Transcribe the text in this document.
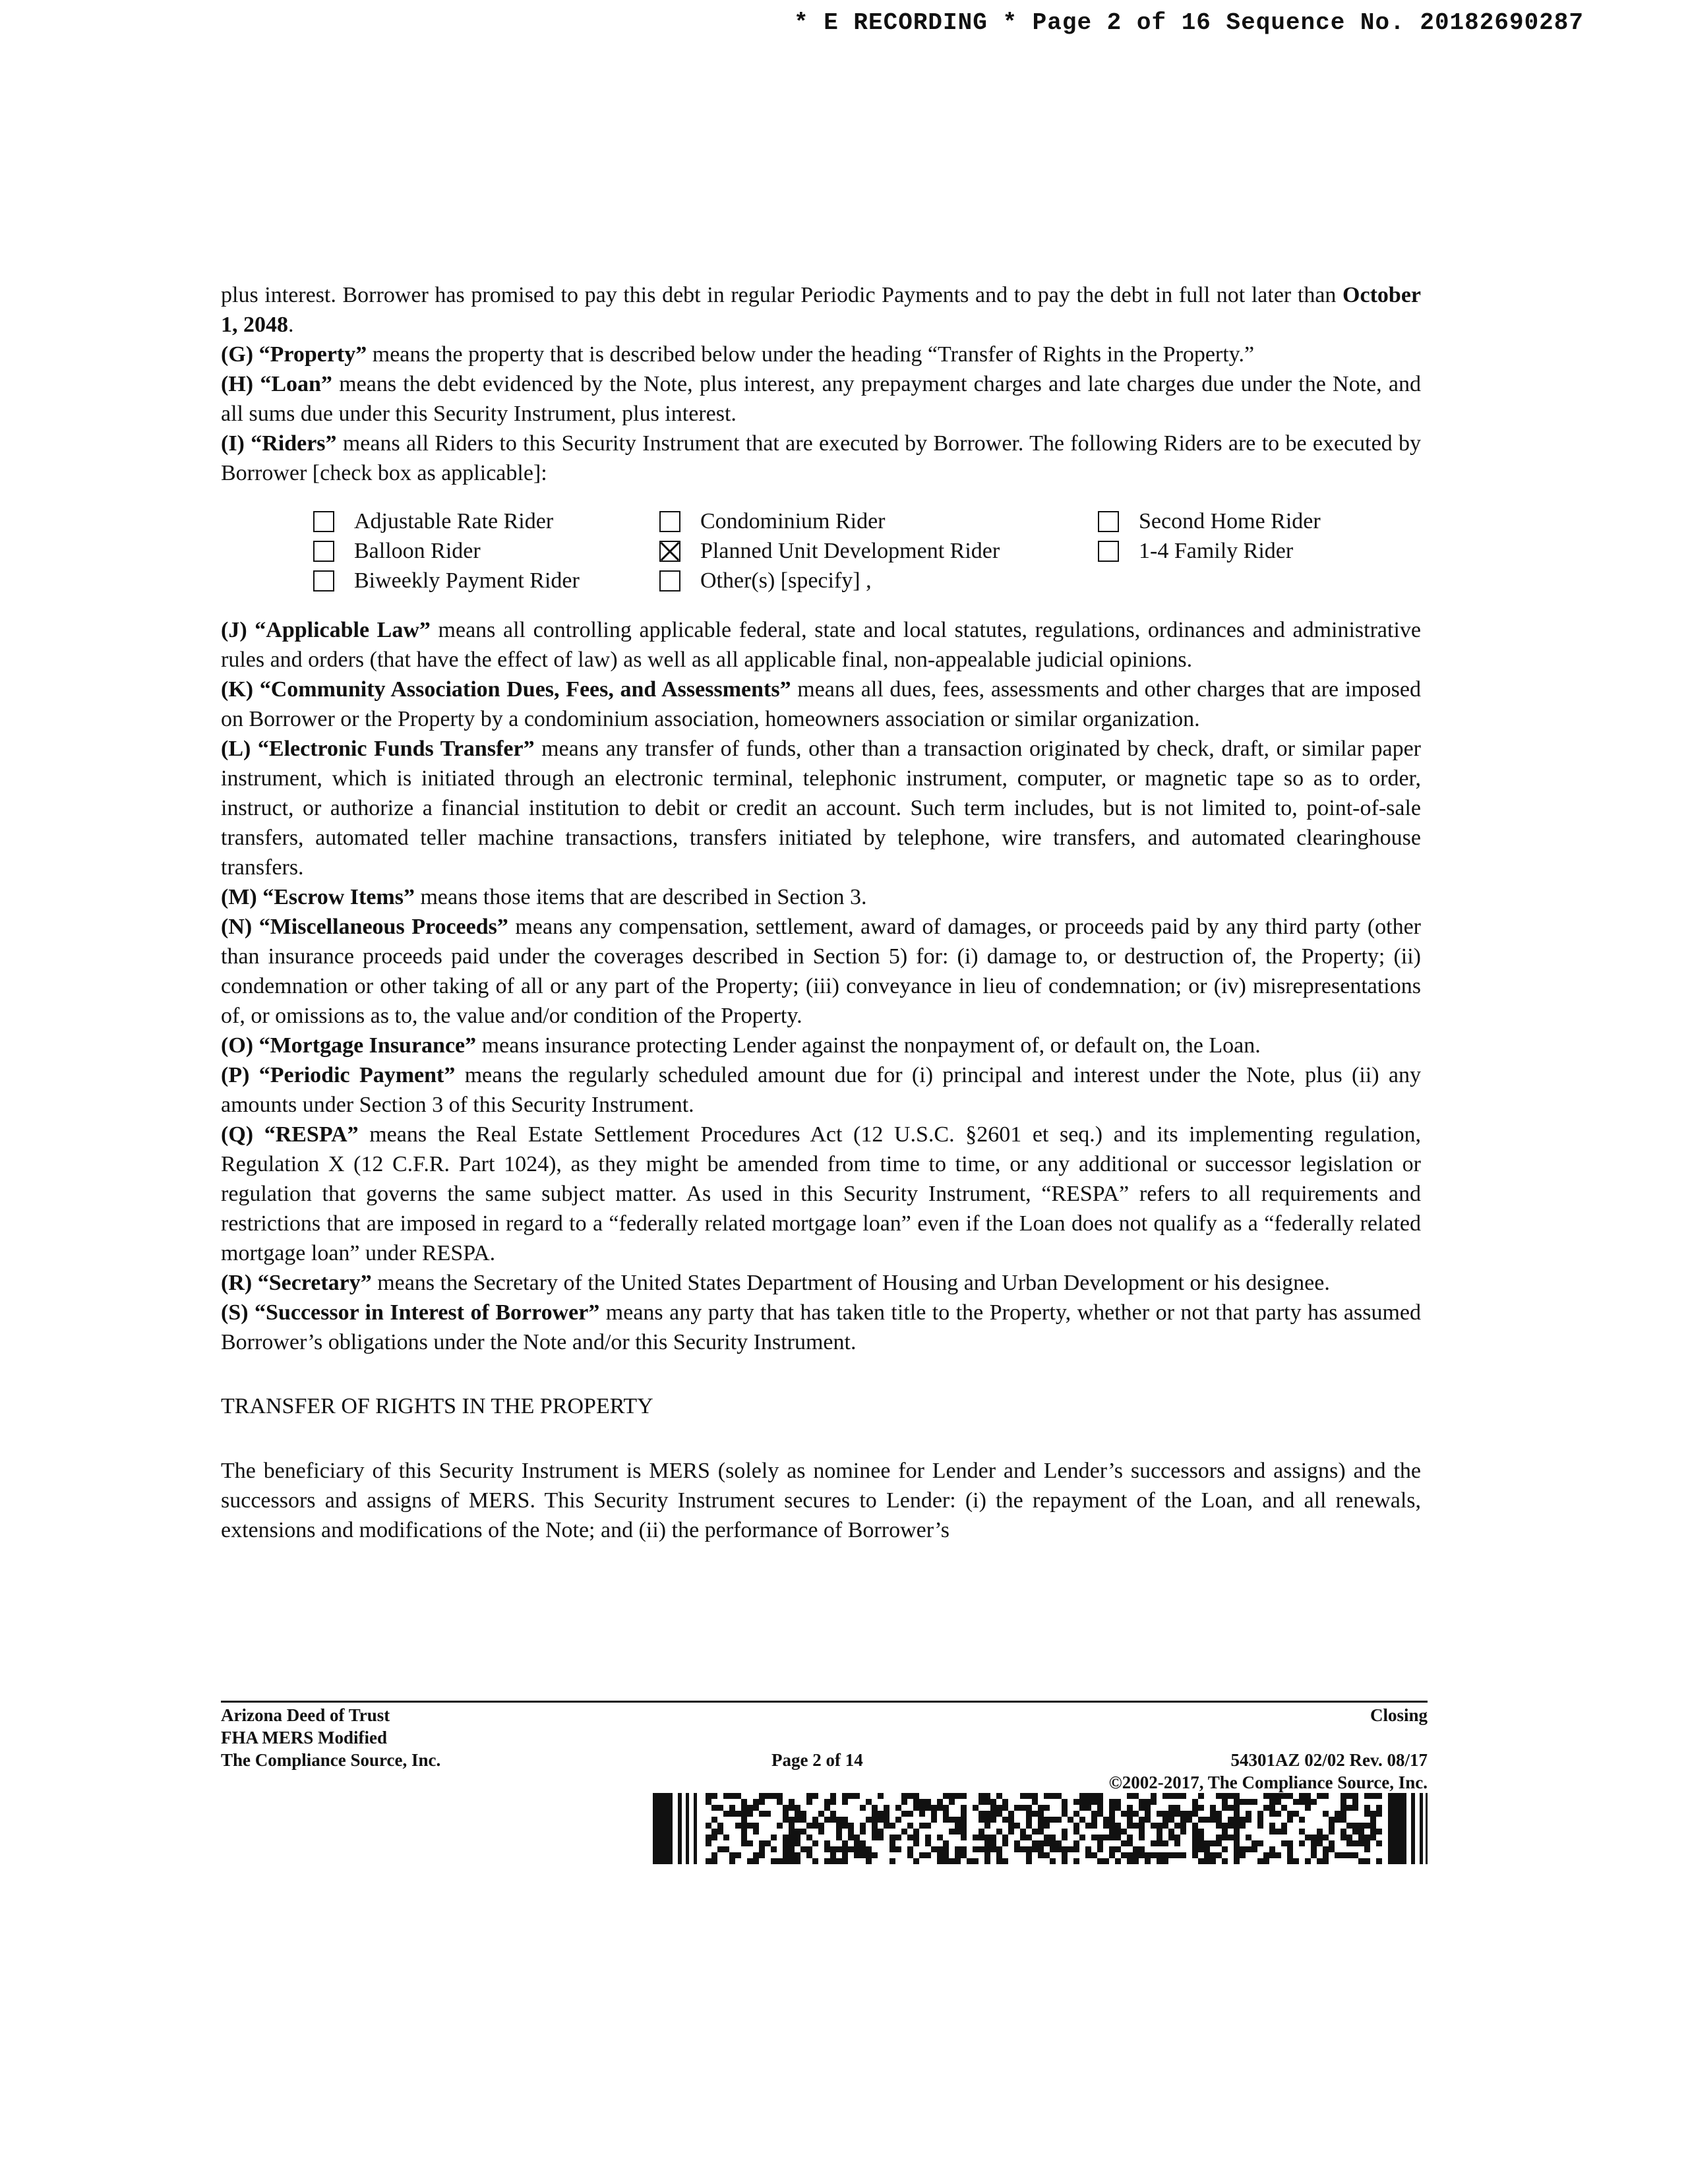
* E RECORDING * Page 2 of 16 Sequence No. 20182690287

plus interest. Borrower has promised to pay this debt in regular Periodic Payments and to pay the debt in full not later than October 1, 2048.

(G) “Property” means the property that is described below under the heading “Transfer of Rights in the Property.”

(H) “Loan” means the debt evidenced by the Note, plus interest, any prepayment charges and late charges due under the Note, and all sums due under this Security Instrument, plus interest.

(I) “Riders” means all Riders to this Security Instrument that are executed by Borrower. The following Riders are to be executed by Borrower [check box as applicable]:

Adjustable Rate Rider	Condominium Rider	Second Home Rider
Balloon Rider	Planned Unit Development Rider	1-4 Family Rider
Biweekly Payment Rider	Other(s) [specify] ,

(J) “Applicable Law” means all controlling applicable federal, state and local statutes, regulations, ordinances and administrative rules and orders (that have the effect of law) as well as all applicable final, non-appealable judicial opinions.

(K) “Community Association Dues, Fees, and Assessments” means all dues, fees, assessments and other charges that are imposed on Borrower or the Property by a condominium association, homeowners association or similar organization.

(L) “Electronic Funds Transfer” means any transfer of funds, other than a transaction originated by check, draft, or similar paper instrument, which is initiated through an electronic terminal, telephonic instrument, computer, or magnetic tape so as to order, instruct, or authorize a financial institution to debit or credit an account. Such term includes, but is not limited to, point-of-sale transfers, automated teller machine transactions, transfers initiated by telephone, wire transfers, and automated clearinghouse transfers.

(M) “Escrow Items” means those items that are described in Section 3.

(N) “Miscellaneous Proceeds” means any compensation, settlement, award of damages, or proceeds paid by any third party (other than insurance proceeds paid under the coverages described in Section 5) for: (i) damage to, or destruction of, the Property; (ii) condemnation or other taking of all or any part of the Property; (iii) conveyance in lieu of condemnation; or (iv) misrepresentations of, or omissions as to, the value and/or condition of the Property.

(O) “Mortgage Insurance” means insurance protecting Lender against the nonpayment of, or default on, the Loan.

(P) “Periodic Payment” means the regularly scheduled amount due for (i) principal and interest under the Note, plus (ii) any amounts under Section 3 of this Security Instrument.

(Q) “RESPA” means the Real Estate Settlement Procedures Act (12 U.S.C. §2601 et seq.) and its implementing regulation, Regulation X (12 C.F.R. Part 1024), as they might be amended from time to time, or any additional or successor legislation or regulation that governs the same subject matter. As used in this Security Instrument, “RESPA” refers to all requirements and restrictions that are imposed in regard to a “federally related mortgage loan” even if the Loan does not qualify as a “federally related mortgage loan” under RESPA.

(R) “Secretary” means the Secretary of the United States Department of Housing and Urban Development or his designee.

(S) “Successor in Interest of Borrower” means any party that has taken title to the Property, whether or not that party has assumed Borrower’s obligations under the Note and/or this Security Instrument.

TRANSFER OF RIGHTS IN THE PROPERTY

The beneficiary of this Security Instrument is MERS (solely as nominee for Lender and Lender’s successors and assigns) and the successors and assigns of MERS. This Security Instrument secures to Lender: (i) the repayment of the Loan, and all renewals, extensions and modifications of the Note; and (ii) the performance of Borrower’s

Arizona Deed of Trust
FHA MERS Modified
The Compliance Source, Inc.	Page 2 of 14
Closing
54301AZ 02/02 Rev. 08/17
©2002-2017, The Compliance Source, Inc.
